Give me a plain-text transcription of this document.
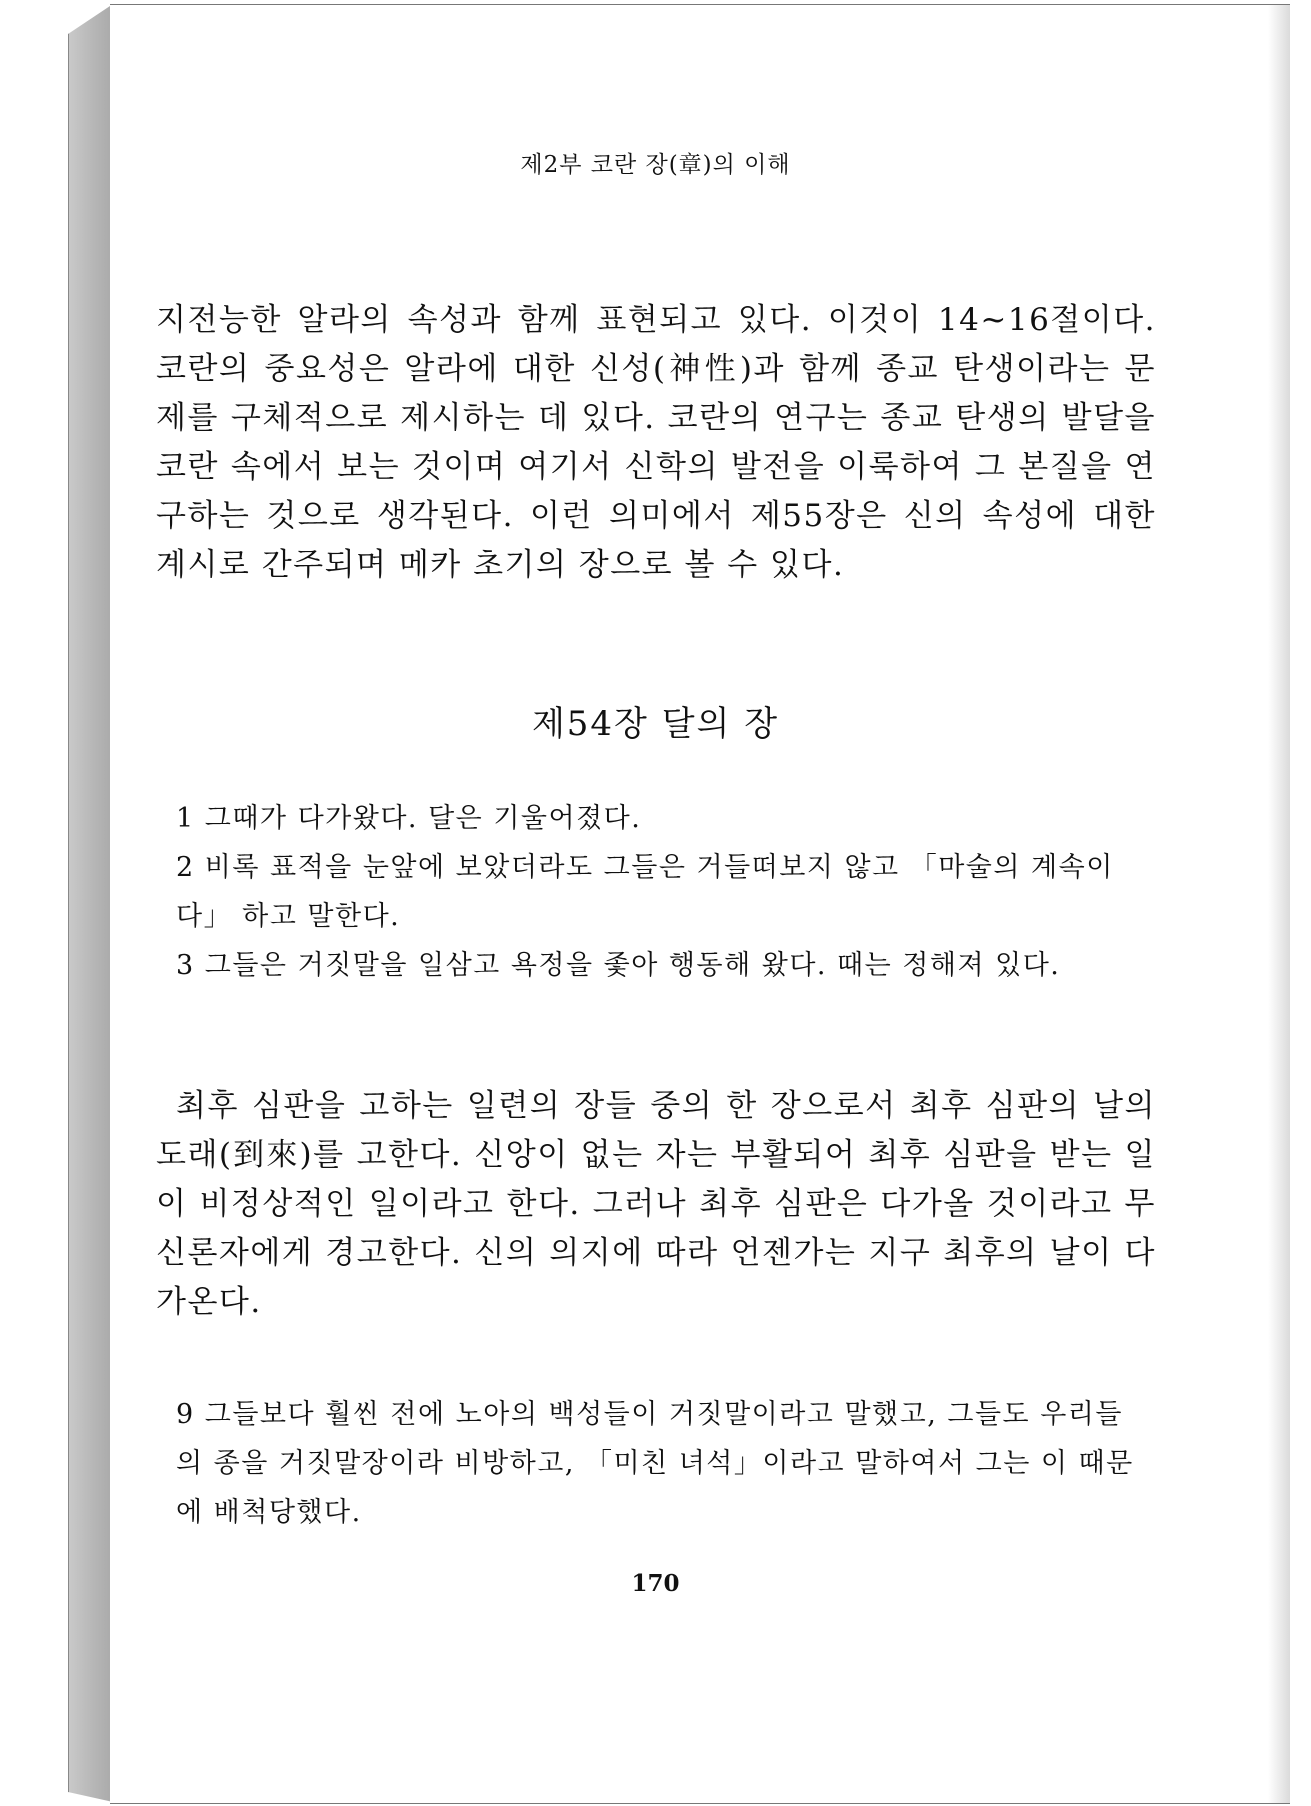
제2부 코란 장(章)의 이해
지전능한 알라의 속성과 함께 표현되고 있다. 이것이 14~16절이다. 코란의 중요성은 알라에 대한 신성(神性)과 함께 종교 탄생이라는 문제를 구체적으로 제시하는 데 있다. 코란의 연구는 종교 탄생의 발달을 코란 속에서 보는 것이며 여기서 신학의 발전을 이룩하여 그 본질을 연구하는 것으로 생각된다. 이런 의미에서 제55장은 신의 속성에 대한 계시로 간주되며 메카 초기의 장으로 볼 수 있다.
제54장 달의 장

1 그때가 다가왔다. 달은 기울어졌다.

2 비록 표적을 눈앞에 보았더라도 그들은 거들떠보지 않고 「마술의 계속이다」 하고 말한다.

3 그들은 거짓말을 일삼고 욕정을 좇아 행동해 왔다. 때는 정해져 있다.

최후 심판을 고하는 일련의 장들 중의 한 장으로서 최후 심판의 날의 도래(到來)를 고한다. 신앙이 없는 자는 부활되어 최후 심판을 받는 일이 비정상적인 일이라고 한다. 그러나 최후 심판은 다가올 것이라고 무신론자에게 경고한다. 신의 의지에 따라 언젠가는 지구 최후의 날이 다가온다.

9 그들보다 훨씬 전에 노아의 백성들이 거짓말이라고 말했고, 그들도 우리들의 종을 거짓말장이라 비방하고, 「미친 녀석」이라고 말하여서 그는 이 때문에 배척당했다.

170
